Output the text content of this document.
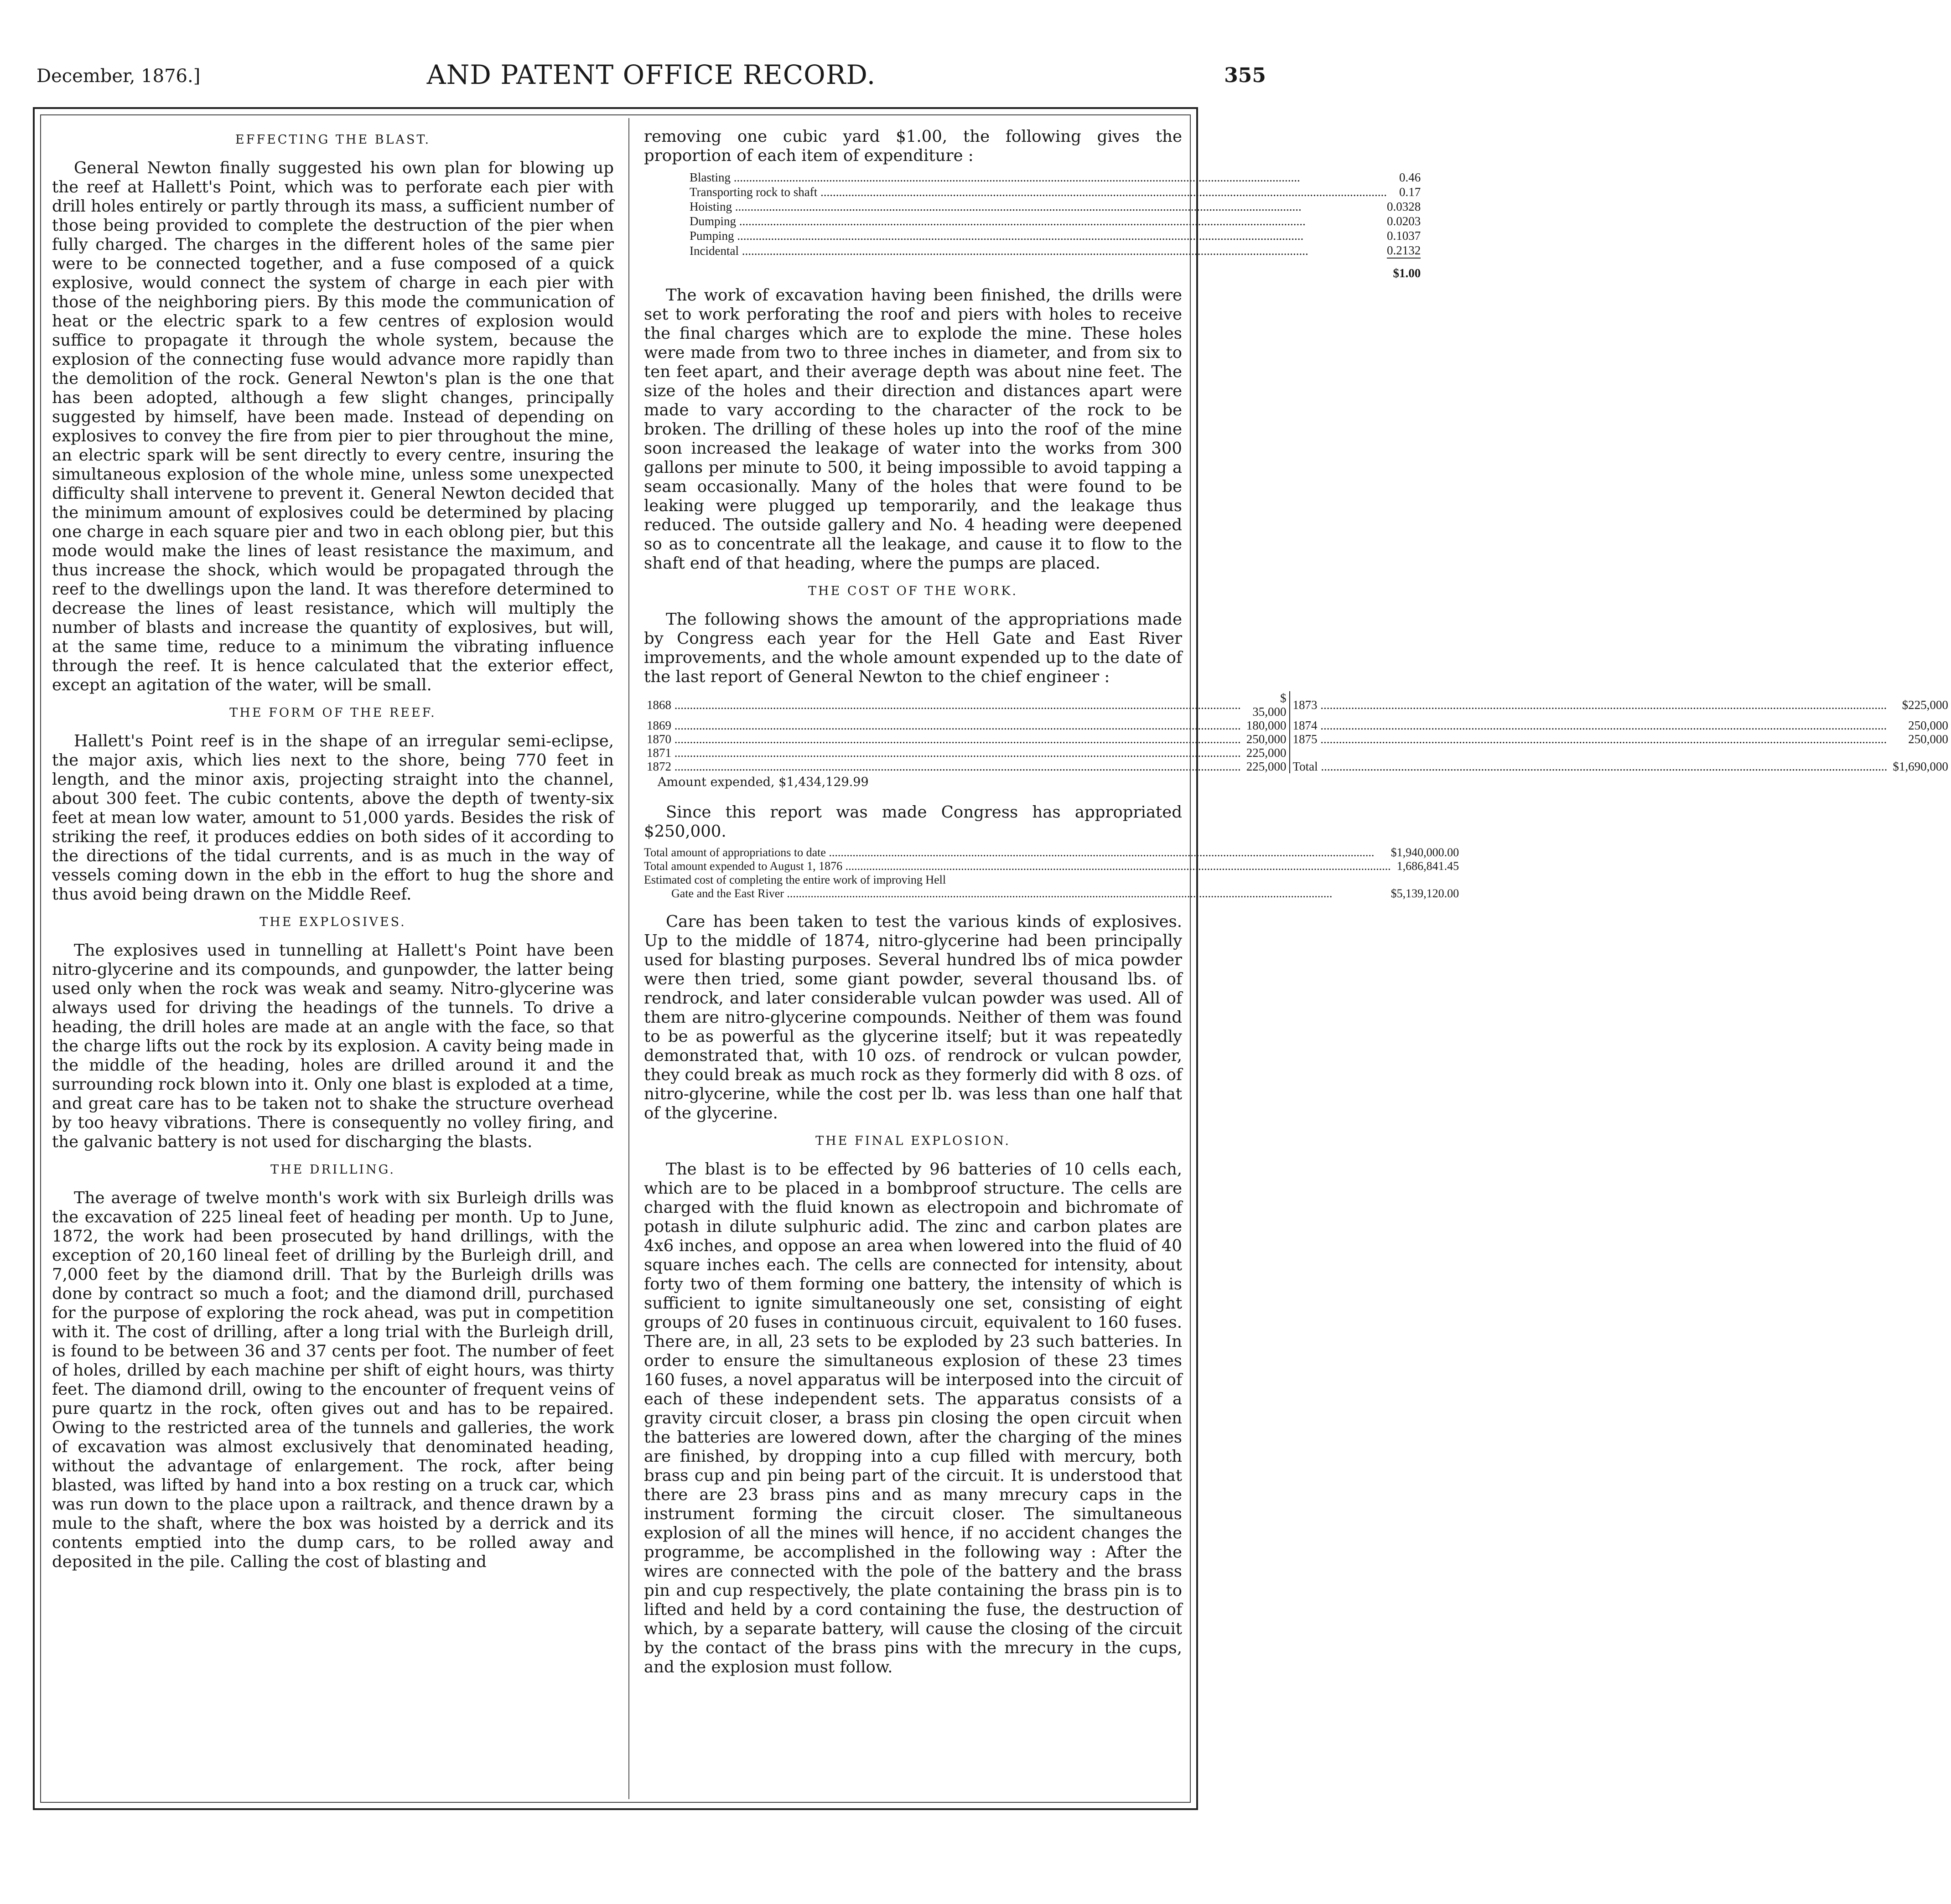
December, 1876.]	AND PATENT OFFICE RECORD.	355
EFFECTING THE BLAST.

General Newton finally suggested his own plan for blowing up the reef at Hallett's Point, which was to perforate each pier with drill holes entirely or partly through its mass, a sufficient number of those being provided to complete the destruction of the pier when fully charged. The charges in the different holes of the same pier were to be connected together, and a fuse composed of a quick explosive, would connect the system of charge in each pier with those of the neighboring piers. By this mode the communication of heat or the electric spark to a few centres of explosion would suffice to propagate it through the whole system, because the explosion of the connecting fuse would advance more rapidly than the demolition of the rock. General Newton's plan is the one that has been adopted, although a few slight changes, principally suggested by himself, have been made. Instead of depending on explosives to convey the fire from pier to pier throughout the mine, an electric spark will be sent directly to every centre, insuring the simultaneous explosion of the whole mine, unless some unexpected difficulty shall intervene to prevent it. General Newton decided that the minimum amount of explosives could be determined by placing one charge in each square pier and two in each oblong pier, but this mode would make the lines of least resistance the maximum, and thus increase the shock, which would be propagated through the reef to the dwellings upon the land. It was therefore determined to decrease the lines of least resistance, which will multiply the number of blasts and increase the quantity of explosives, but will, at the same time, reduce to a minimum the vibrating influence through the reef. It is hence calculated that the exterior effect, except an agitation of the water, will be small.

THE FORM OF THE REEF.

Hallett's Point reef is in the shape of an irregular semi-eclipse, the major axis, which lies next to the shore, being 770 feet in length, and the minor axis, projecting straight into the channel, about 300 feet. The cubic contents, above the depth of twenty-six feet at mean low water, amount to 51,000 yards. Besides the risk of striking the reef, it produces eddies on both sides of it according to the directions of the tidal currents, and is as much in the way of vessels coming down in the ebb in the effort to hug the shore and thus avoid being drawn on the Middle Reef.

THE EXPLOSIVES.

The explosives used in tunnelling at Hallett's Point have been nitro-glycerine and its compounds, and gunpowder, the latter being used only when the rock was weak and seamy. Nitro-glycerine was always used for driving the headings of the tunnels. To drive a heading, the drill holes are made at an angle with the face, so that the charge lifts out the rock by its explosion. A cavity being made in the middle of the heading, holes are drilled around it and the surrounding rock blown into it. Only one blast is exploded at a time, and great care has to be taken not to shake the structure overhead by too heavy vibrations. There is consequently no volley firing, and the galvanic battery is not used for discharging the blasts.

THE DRILLING.

The average of twelve month's work with six Burleigh drills was the excavation of 225 lineal feet of heading per month. Up to June, 1872, the work had been prosecuted by hand drillings, with the exception of 20,160 lineal feet of drilling by the Burleigh drill, and 7,000 feet by the diamond drill. That by the Burleigh drills was done by contract so much a foot; and the diamond drill, purchased for the purpose of exploring the rock ahead, was put in competition with it. The cost of drilling, after a long trial with the Burleigh drill, is found to be between 36 and 37 cents per foot. The number of feet of holes, drilled by each machine per shift of eight hours, was thirty feet. The diamond drill, owing to the encounter of frequent veins of pure quartz in the rock, often gives out and has to be repaired. Owing to the restricted area of the tunnels and galleries, the work of excavation was almost exclusively that denominated heading, without the advantage of enlargement. The rock, after being blasted, was lifted by hand into a box resting on a truck car, which was run down to the place upon a railtrack, and thence drawn by a mule to the shaft, where the box was hoisted by a derrick and its contents emptied into the dump cars, to be rolled away and deposited in the pile. Calling the cost of blasting and

removing one cubic yard $1.00, the following gives the proportion of each item of expenditure :

Blasting .....	0.46
Transporting rock to shaft .....	0.17
Hoisting .....	0.0328
Dumping .....	0.0203
Pumping .....	0.1037
Incidental .....	0.2132
	$1.00

The work of excavation having been finished, the drills were set to work perforating the roof and piers with holes to receive the final charges which are to explode the mine. These holes were made from two to three inches in diameter, and from six to ten feet apart, and their average depth was about nine feet. The size of the holes and their direction and distances apart were made to vary according to the character of the rock to be broken. The drilling of these holes up into the roof of the mine soon increased the leakage of water into the works from 300 gallons per minute to 500, it being impossible to avoid tapping a seam occasionally. Many of the holes that were found to be leaking were plugged up temporarily, and the leakage thus reduced. The outside gallery and No. 4 heading were deepened so as to concentrate all the leakage, and cause it to flow to the shaft end of that heading, where the pumps are placed.

THE COST OF THE WORK.

The following shows the amount of the appropriations made by Congress each year for the Hell Gate and East River improvements, and the whole amount expended up to the date of the last report of General Newton to the chief engineer :

1868 .....	$ 35,000	1873 .....	$225,000
1869 .....	180,000	1874 .....	250,000
1870 .....	250,000	1875 .....	250,000
1871 .....	225,000		
1872 .....	225,000	Total .....	$1,690,000
Amount expended, $1,434,129.99

Since this report was made Congress has appropriated $250,000.

Total amount of appropriations to date .....	$1,940,000.00
Total amount expended to August 1, 1876 .....	1,686,841.45
Estimated cost of completing the entire work of improving Hell	
Gate and the East River .....	$5,139,120.00

Care has been taken to test the various kinds of explosives. Up to the middle of 1874, nitro-glycerine had been principally used for blasting purposes. Several hundred lbs of mica powder were then tried, some giant powder, several thousand lbs. of rendrock, and later considerable vulcan powder was used. All of them are nitro-glycerine compounds. Neither of them was found to be as powerful as the glycerine itself; but it was repeatedly demonstrated that, with 10 ozs. of rendrock or vulcan powder, they could break as much rock as they formerly did with 8 ozs. of nitro-glycerine, while the cost per lb. was less than one half that of the glycerine.

THE FINAL EXPLOSION.

The blast is to be effected by 96 batteries of 10 cells each, which are to be placed in a bombproof structure. The cells are charged with the fluid known as electropoin and bichromate of potash in dilute sulphuric adid. The zinc and carbon plates are 4x6 inches, and oppose an area when lowered into the fluid of 40 square inches each. The cells are connected for intensity, about forty two of them forming one battery, the intensity of which is sufficient to ignite simultaneously one set, consisting of eight groups of 20 fuses in continuous circuit, equivalent to 160 fuses. There are, in all, 23 sets to be exploded by 23 such batteries. In order to ensure the simultaneous explosion of these 23 times 160 fuses, a novel apparatus will be interposed into the circuit of each of these independent sets. The apparatus consists of a gravity circuit closer, a brass pin closing the open circuit when the batteries are lowered down, after the charging of the mines are finished, by dropping into a cup filled with mercury, both brass cup and pin being part of the circuit. It is understood that there are 23 brass pins and as many mrecury caps in the instrument forming the circuit closer. The simultaneous explosion of all the mines will hence, if no accident changes the programme, be accomplished in the following way : After the wires are connected with the pole of the battery and the brass pin and cup respectively, the plate containing the brass pin is to lifted and held by a cord containing the fuse, the destruction of which, by a separate battery, will cause the closing of the circuit by the contact of the brass pins with the mrecury in the cups, and the explosion must follow.
